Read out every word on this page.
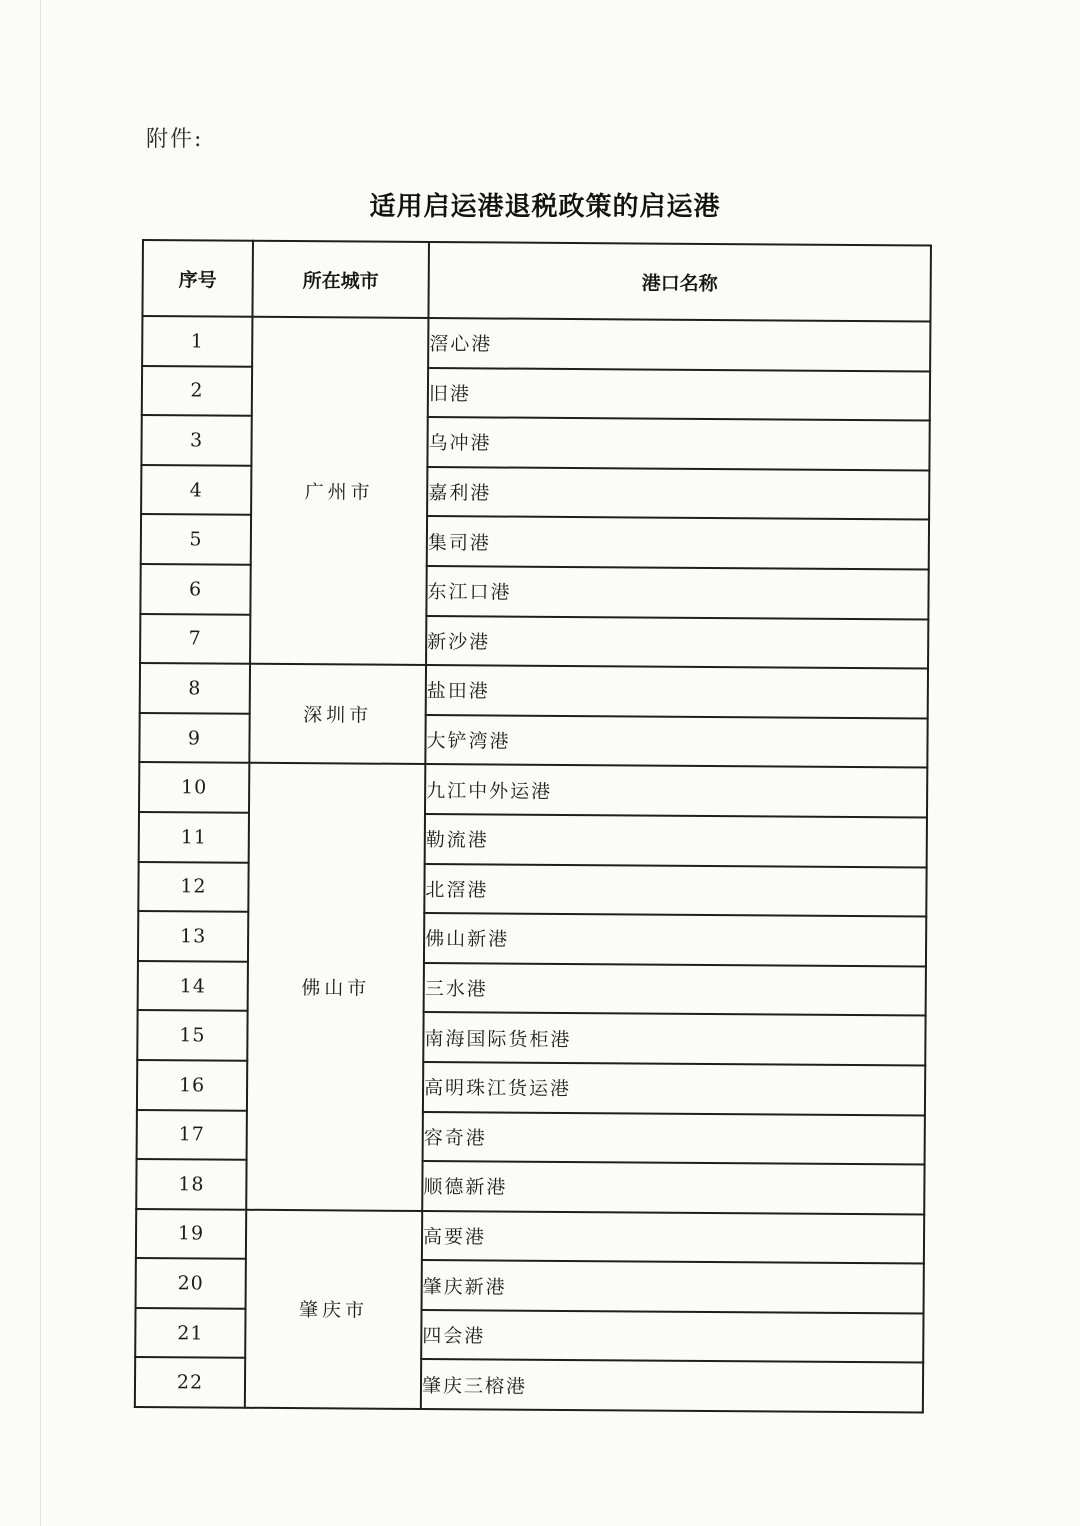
附件:
适用启运港退税政策的启运港
序号	所在城市	港口名称
1	广州市	滘心港
2		旧港
3		乌冲港
4		嘉利港
5		集司港
6		东江口港
7		新沙港
8	深圳市	盐田港
9		大铲湾港
10	佛山市	九江中外运港
11		勒流港
12		北滘港
13		佛山新港
14		三水港
15		南海国际货柜港
16		高明珠江货运港
17		容奇港
18		顺德新港
19	肇庆市	高要港
20		肇庆新港
21		四会港
22		肇庆三榕港
